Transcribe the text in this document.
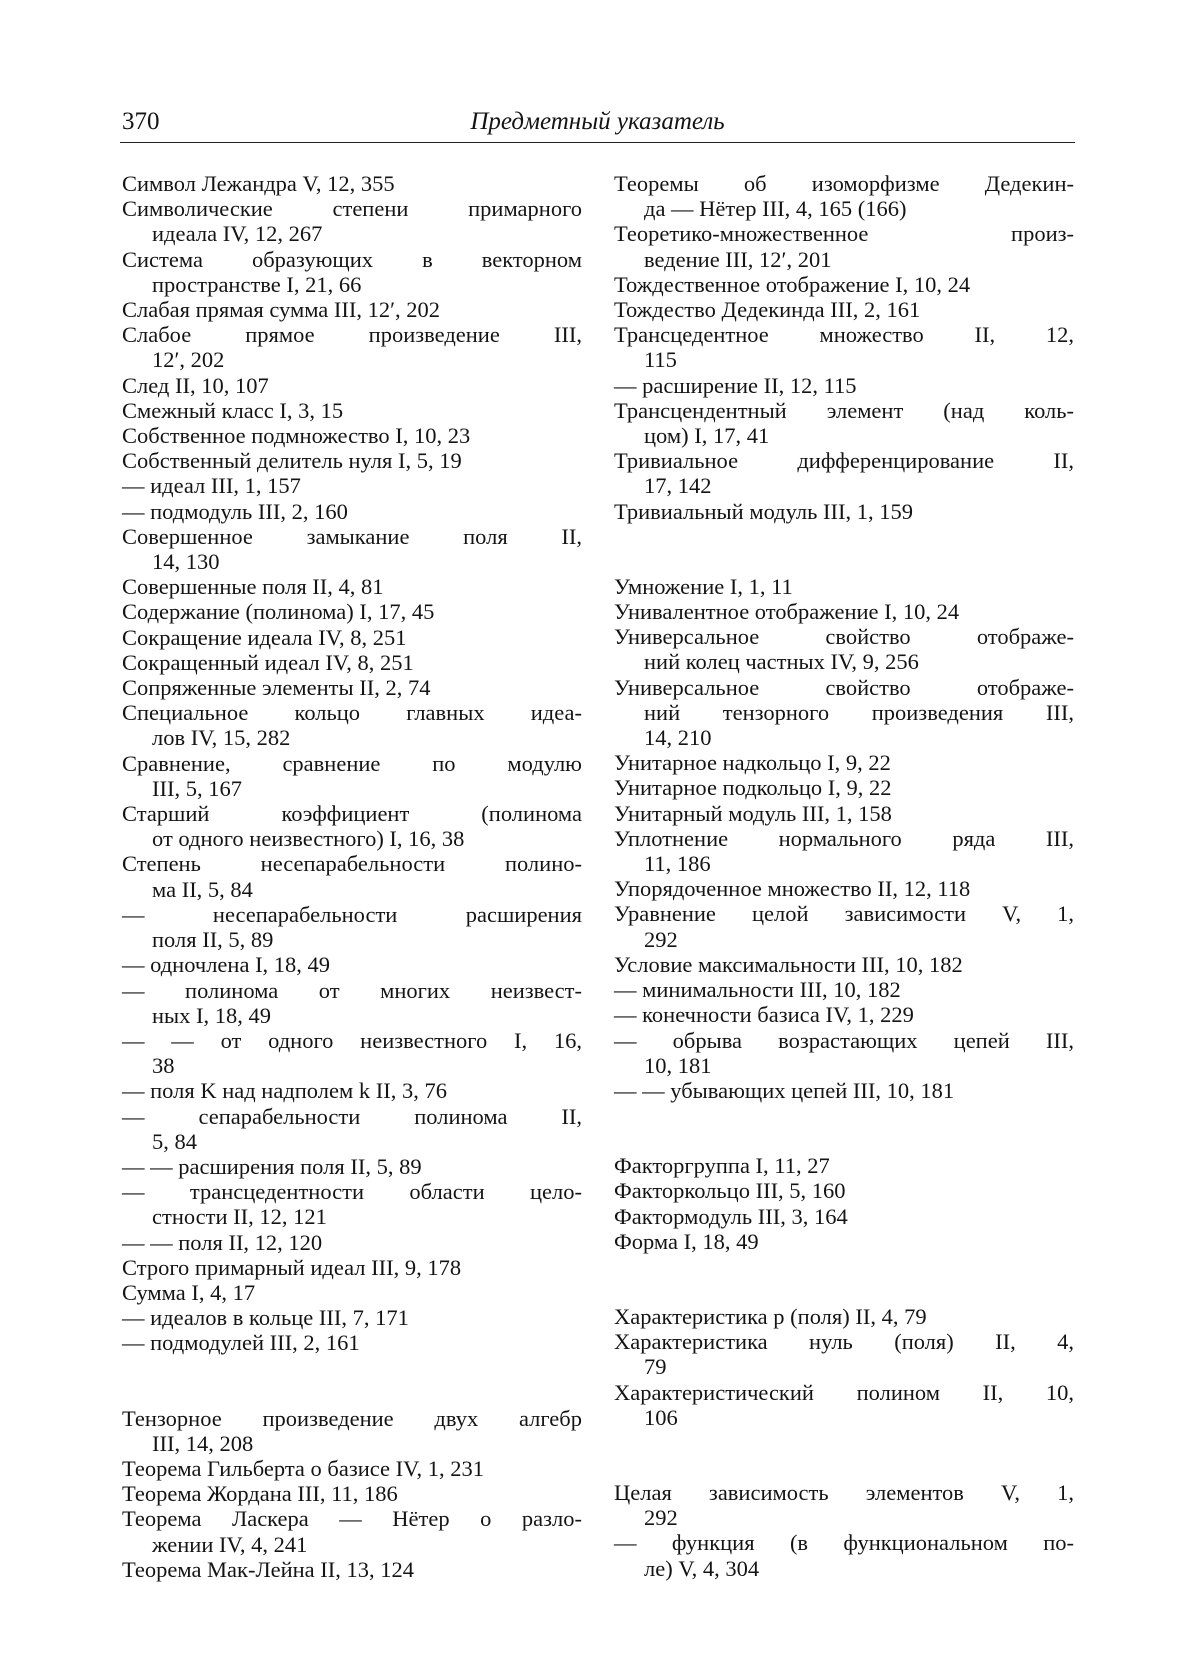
370	Предметный указатель
Символ Лежандра V, 12, 355
Символические степени примарного
идеала IV, 12, 267
Система образующих в векторном
пространстве I, 21, 66
Слабая прямая сумма III, 12′, 202
Слабое прямое произведение III,
12′, 202
След II, 10, 107
Смежный класс I, 3, 15
Собственное подмножество I, 10, 23
Собственный делитель нуля I, 5, 19
— идеал III, 1, 157
— подмодуль III, 2, 160
Совершенное замыкание поля II,
14, 130
Совершенные поля II, 4, 81
Содержание (полинома) I, 17, 45
Сокращение идеала IV, 8, 251
Сокращенный идеал IV, 8, 251
Сопряженные элементы II, 2, 74
Специальное кольцо главных идеа-
лов IV, 15, 282
Сравнение, сравнение по модулю
III, 5, 167
Старший коэффициент (полинома
от одного неизвестного) I, 16, 38
Степень несепарабельности полино-
ма II, 5, 84
— несепарабельности расширения
поля II, 5, 89
— одночлена I, 18, 49
— полинома от многих неизвест-
ных I, 18, 49
— — от одного неизвестного I, 16,
38
— поля K над надполем k II, 3, 76
— сепарабельности полинома II,
5, 84
— — расширения поля II, 5, 89
— трансцедентности области цело-
стности II, 12, 121
— — поля II, 12, 120
Строго примарный идеал III, 9, 178
Сумма I, 4, 17
— идеалов в кольце III, 7, 171
— подмодулей III, 2, 161
Тензорное произведение двух алгебр
III, 14, 208
Теорема Гильберта о базисе IV, 1, 231
Теорема Жордана III, 11, 186
Теорема Ласкера — Нётер о разло-
жении IV, 4, 241
Теорема Мак-Лейна II, 13, 124
Теоремы об изоморфизме Дедекин-
да — Нётер III, 4, 165 (166)
Теоретико-множественное произ-
ведение III, 12′, 201
Тождественное отображение I, 10, 24
Тождество Дедекинда III, 2, 161
Трансцедентное множество II, 12,
115
— расширение II, 12, 115
Трансцендентный элемент (над коль-
цом) I, 17, 41
Тривиальное дифференцирование II,
17, 142
Тривиальный модуль III, 1, 159
Умножение I, 1, 11
Унивалентное отображение I, 10, 24
Универсальное свойство отображе-
ний колец частных IV, 9, 256
Универсальное свойство отображе-
ний тензорного произведения III,
14, 210
Унитарное надкольцо I, 9, 22
Унитарное подкольцо I, 9, 22
Унитарный модуль III, 1, 158
Уплотнение нормального ряда III,
11, 186
Упорядоченное множество II, 12, 118
Уравнение целой зависимости V, 1,
292
Условие максимальности III, 10, 182
— минимальности III, 10, 182
— конечности базиса IV, 1, 229
— обрыва возрастающих цепей III,
10, 181
— — убывающих цепей III, 10, 181
Факторгруппа I, 11, 27
Факторкольцо III, 5, 160
Фактормодуль III, 3, 164
Форма I, 18, 49
Характеристика p (поля) II, 4, 79
Характеристика нуль (поля) II, 4,
79
Характеристический полином II, 10,
106
Целая зависимость элементов V, 1,
292
— функция (в функциональном по-
ле) V, 4, 304
